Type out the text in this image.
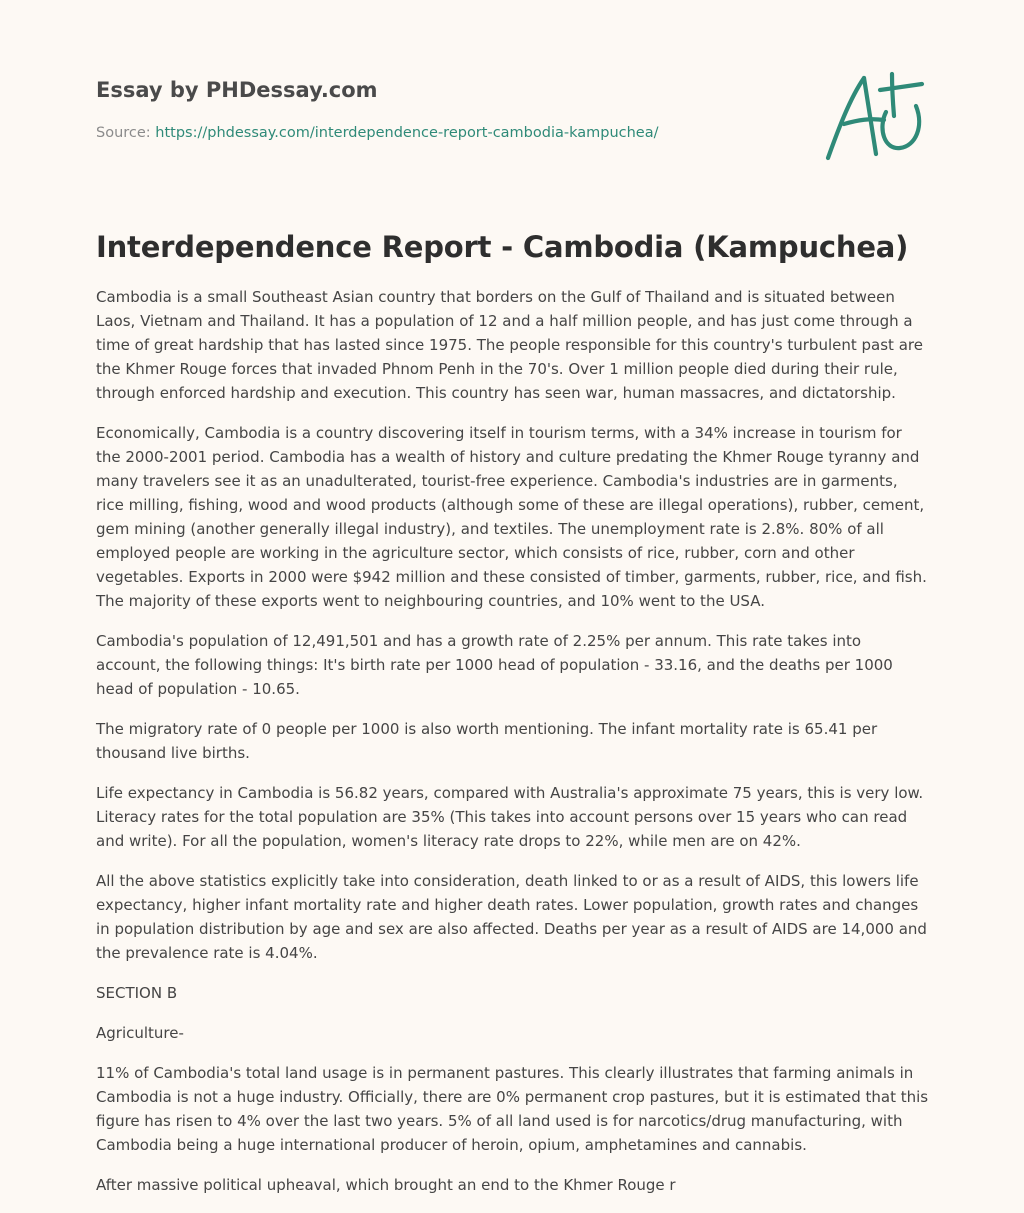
Essay by PHDessay.com
Source: https://phdessay.com/interdependence-report-cambodia-kampuchea/
Interdependence Report - Cambodia (Kampuchea)

Cambodia is a small Southeast Asian country that borders on the Gulf of Thailand and is situated between Laos, Vietnam and Thailand. It has a population of 12 and a half million people, and has just come through a time of great hardship that has lasted since 1975. The people responsible for this country's turbulent past are the Khmer Rouge forces that invaded Phnom Penh in the 70's. Over 1 million people died during their rule, through enforced hardship and execution. This country has seen war, human massacres, and dictatorship.

Economically, Cambodia is a country discovering itself in tourism terms, with a 34% increase in tourism for the 2000-2001 period. Cambodia has a wealth of history and culture predating the Khmer Rouge tyranny and many travelers see it as an unadulterated, tourist-free experience. Cambodia's industries are in garments, rice milling, fishing, wood and wood products (although some of these are illegal operations), rubber, cement, gem mining (another generally illegal industry), and textiles. The unemployment rate is 2.8%. 80% of all employed people are working in the agriculture sector, which consists of rice, rubber, corn and other vegetables. Exports in 2000 were $942 million and these consisted of timber, garments, rubber, rice, and fish. The majority of these exports went to neighbouring countries, and 10% went to the USA.

Cambodia's population of 12,491,501 and has a growth rate of 2.25% per annum. This rate takes into account, the following things: It's birth rate per 1000 head of population - 33.16, and the deaths per 1000 head of population - 10.65.

The migratory rate of 0 people per 1000 is also worth mentioning. The infant mortality rate is 65.41 per thousand live births.

Life expectancy in Cambodia is 56.82 years, compared with Australia's approximate 75 years, this is very low. Literacy rates for the total population are 35% (This takes into account persons over 15 years who can read and write). For all the population, women's literacy rate drops to 22%, while men are on 42%.

All the above statistics explicitly take into consideration, death linked to or as a result of AIDS, this lowers life expectancy, higher infant mortality rate and higher death rates. Lower population, growth rates and changes in population distribution by age and sex are also affected. Deaths per year as a result of AIDS are 14,000 and the prevalence rate is 4.04%.

SECTION B

Agriculture-

11% of Cambodia's total land usage is in permanent pastures. This clearly illustrates that farming animals in Cambodia is not a huge industry. Officially, there are 0% permanent crop pastures, but it is estimated that this figure has risen to 4% over the last two years. 5% of all land used is for narcotics/drug manufacturing, with Cambodia being a huge international producer of heroin, opium, amphetamines and cannabis.

After massive political upheaval, which brought an end to the Khmer Rouge r
